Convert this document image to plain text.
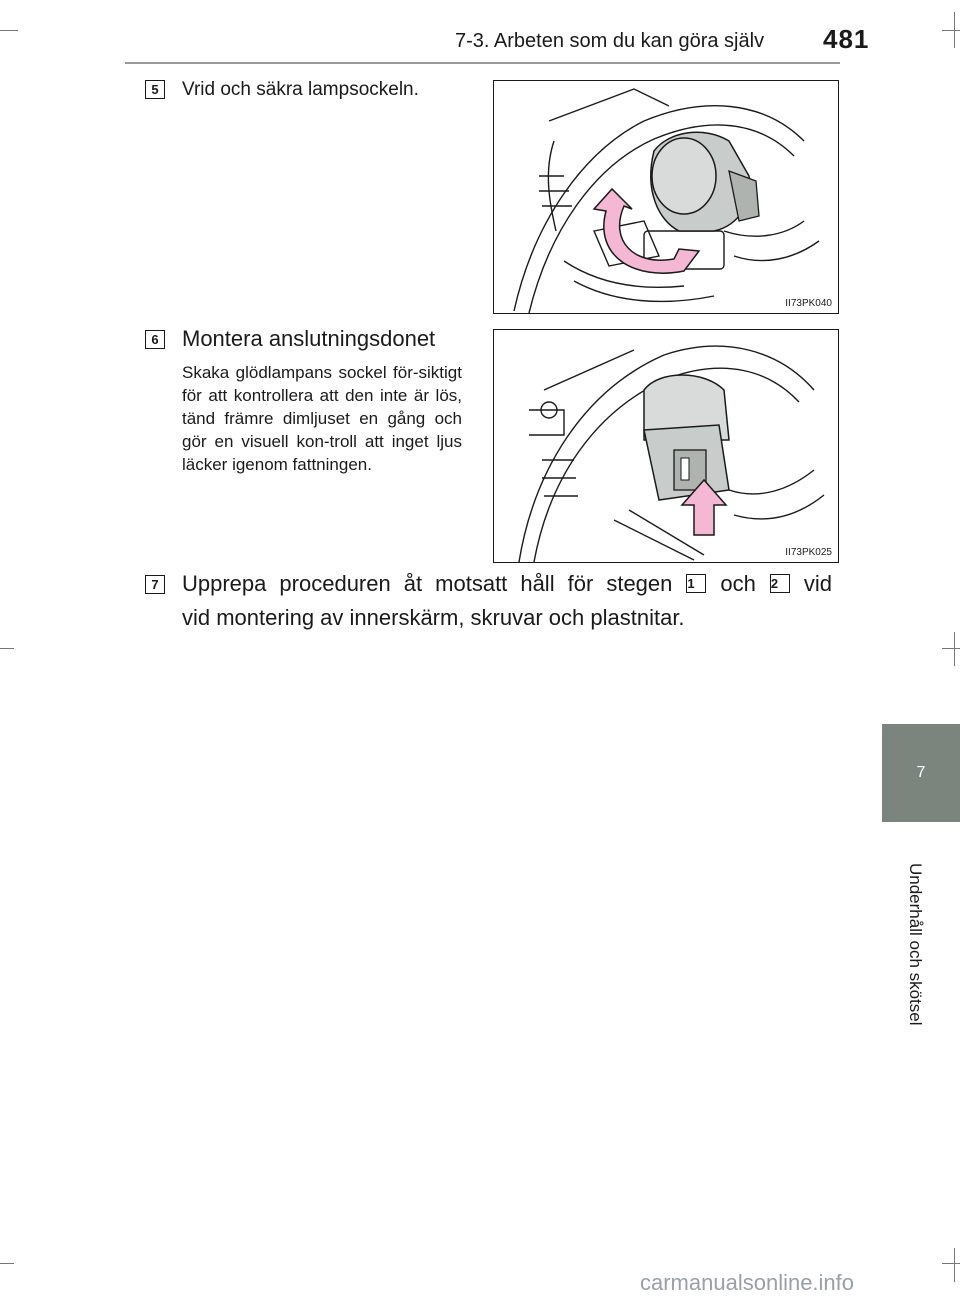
7-3. Arbeten som du kan göra själv 481
7
Underhåll och skötsel
5	Vrid och säkra lampsockeln.
II73PK040
6 Montera anslutningsdonet
Skaka glödlampans sockel för-siktigt för att kontrollera att den inte är lös, tänd främre dimljuset en gång och gör en visuell kon-troll att inget ljus läcker igenom fattningen.
II73PK025
7 Upprepa proceduren åt motsatt håll för stegen 1 och 2 vid
vid montering av innerskärm, skruvar och plastnitar.
carmanualsonline.info
